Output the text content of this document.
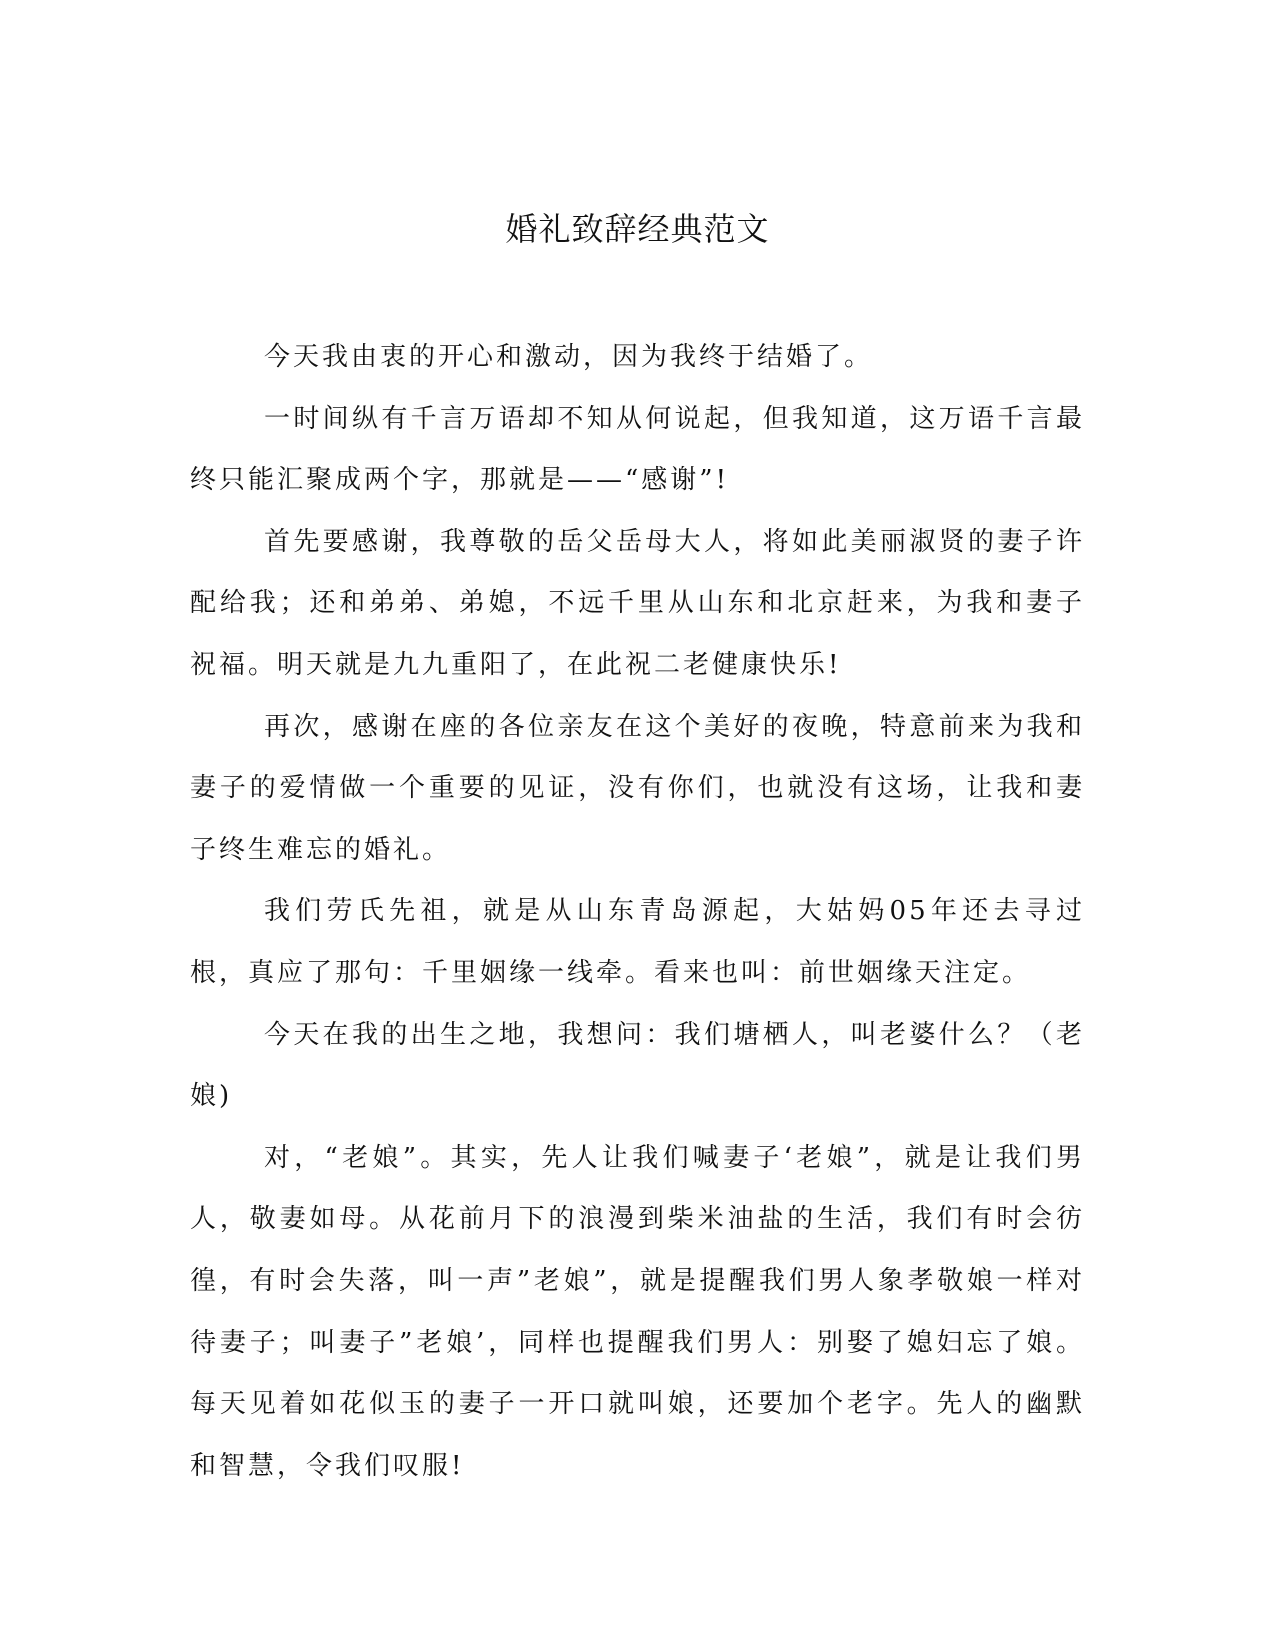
婚礼致辞经典范文

今天我由衷的开心和激动，因为我终于结婚了。

一时间纵有千言万语却不知从何说起，但我知道，这万语千言最终只能汇聚成两个字，那就是——“感谢”!

首先要感谢，我尊敬的岳父岳母大人，将如此美丽淑贤的妻子许配给我；还和弟弟、弟媳，不远千里从山东和北京赶来，为我和妻子祝福。明天就是九九重阳了，在此祝二老健康快乐!

再次，感谢在座的各位亲友在这个美好的夜晚，特意前来为我和妻子的爱情做一个重要的见证，没有你们，也就没有这场，让我和妻子终生难忘的婚礼。

我们劳氏先祖，就是从山东青岛源起，大姑妈05年还去寻过根，真应了那句：千里姻缘一线牵。看来也叫：前世姻缘天注定。

今天在我的出生之地，我想问：我们塘栖人，叫老婆什么？（老娘)

对，“老娘”。其实，先人让我们喊妻子‘老娘”，就是让我们男人，敬妻如母。从花前月下的浪漫到柴米油盐的生活，我们有时会彷徨，有时会失落，叫一声”老娘”，就是提醒我们男人象孝敬娘一样对待妻子；叫妻子”老娘’，同样也提醒我们男人：别娶了媳妇忘了娘。每天见着如花似玉的妻子一开口就叫娘，还要加个老字。先人的幽默和智慧，令我们叹服!
